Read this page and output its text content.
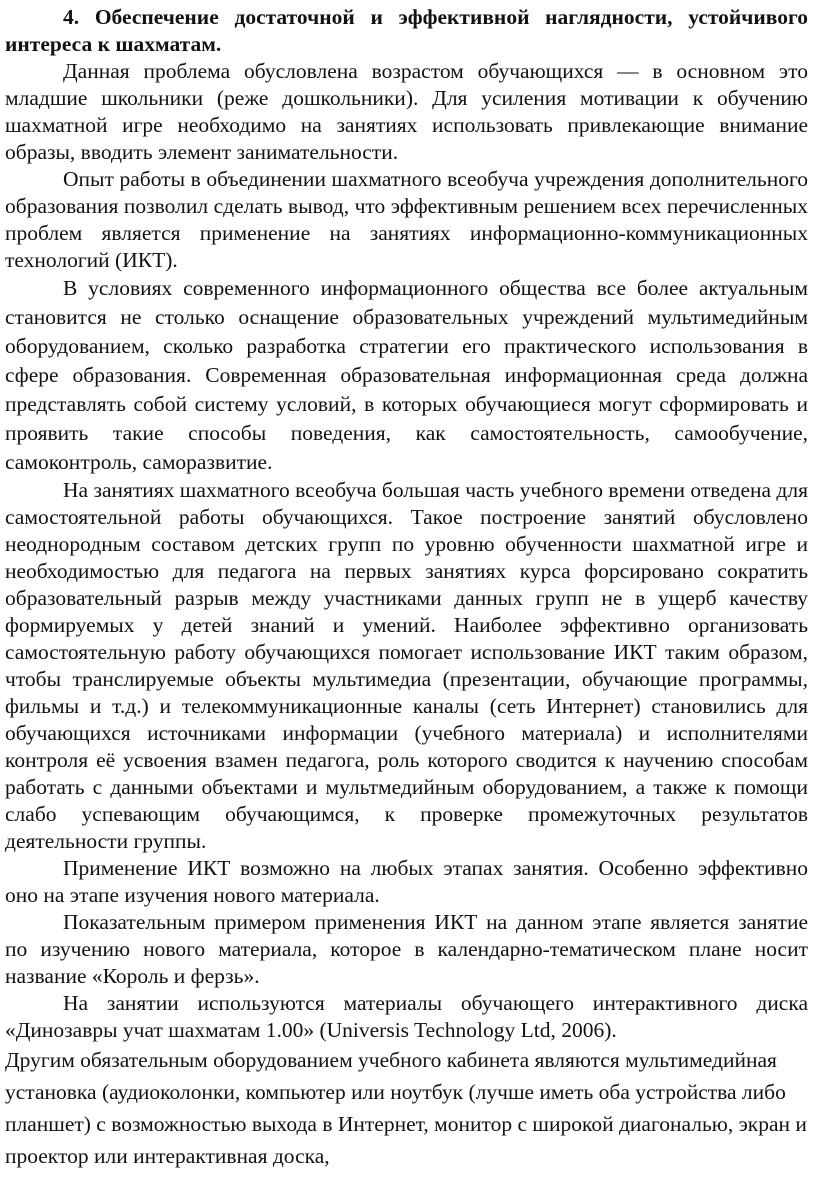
4. Обеспечение достаточной и эффективной наглядности, устойчивого интереса к шахматам.

Данная проблема обусловлена возрастом обучающихся — в основном это младшие школьники (реже дошкольники). Для усиления мотивации к обучению шахматной игре необходимо на занятиях использовать привлекающие внимание образы, вводить элемент занимательности.

Опыт работы в объединении шахматного всеобуча учреждения дополнительного образования позволил сделать вывод, что эффективным решением всех перечисленных проблем является применение на занятиях информационно-коммуникационных технологий (ИКТ).

В условиях современного информационного общества все более актуальным становится не столько оснащение образовательных учреждений мультимедийным оборудованием, сколько разработка стратегии его практического использования в сфере образования. Современная образовательная информационная среда должна представлять собой систему условий, в которых обучающиеся могут сформировать и проявить такие способы поведения, как самостоятельность, самообучение, самоконтроль, саморазвитие.

На занятиях шахматного всеобуча большая часть учебного времени отведена для самостоятельной работы обучающихся. Такое построение занятий обусловлено неоднородным составом детских групп по уровню обученности шахматной игре и необходимостью для педагога на первых занятиях курса форсировано сократить образовательный разрыв между участниками данных групп не в ущерб качеству формируемых у детей знаний и умений. Наиболее эффективно организовать самостоятельную работу обучающихся помогает использование ИКТ таким образом, чтобы транслируемые объекты мультимедиа (презентации, обучающие программы, фильмы и т.д.) и телекоммуникационные каналы (сеть Интернет) становились для обучающихся источниками информации (учебного материала) и исполнителями контроля её усвоения взамен педагога, роль которого сводится к научению способам работать с данными объектами и мультмедийным оборудованием, а также к помощи слабо успевающим обучающимся, к проверке промежуточных результатов деятельности группы.

Применение ИКТ возможно на любых этапах занятия. Особенно эффективно оно на этапе изучения нового материала.

Показательным примером применения ИКТ на данном этапе является занятие по изучению нового материала, которое в календарно-тематическом плане носит название «Король и ферзь».

На занятии используются материалы обучающего интерактивного диска «Динозавры учат шахматам 1.00» (Universis Technology Ltd, 2006).

Другим обязательным оборудованием учебного кабинета являются мультимедийная установка (аудиоколонки, компьютер или ноутбук (лучше иметь оба устройства либо планшет) с возможностью выхода в Интернет, монитор с широкой диагональю, экран и проектор или интерактивная доска,
